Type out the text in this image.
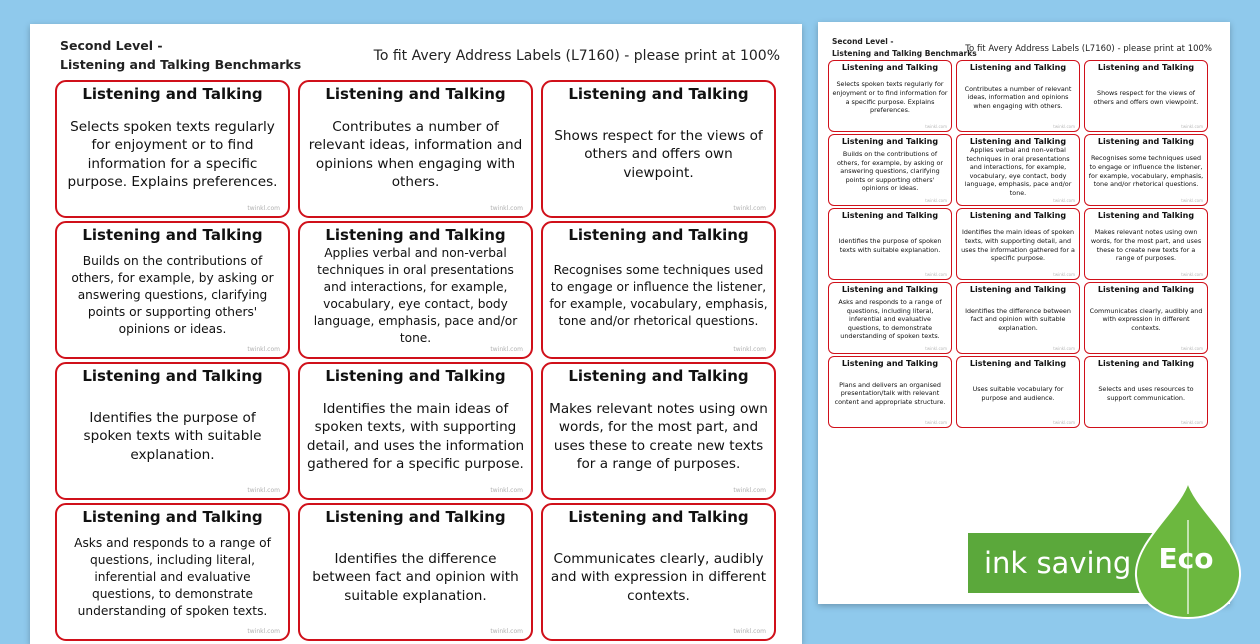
Second Level -
Listening and Talking Benchmarks
To fit Avery Address Labels (L7160) - please print at 100%
Listening and Talking
Selects spoken texts regularly for enjoyment or to find information for a specific purpose. Explains preferences.
twinkl.com
Listening and Talking
Contributes a number of relevant ideas, information and opinions when engaging with others.
twinkl.com
Listening and Talking
Shows respect for the views of others and offers own viewpoint.
twinkl.com
Listening and Talking
Builds on the contributions of others, for example, by asking or answering questions, clarifying points or supporting others' opinions or ideas.
twinkl.com
Listening and Talking
Applies verbal and non-verbal techniques in oral presentations and interactions, for example, vocabulary, eye contact, body language, emphasis, pace and/or tone.
twinkl.com
Listening and Talking
Recognises some techniques used to engage or influence the listener, for example, vocabulary, emphasis, tone and/or rhetorical questions.
twinkl.com
Listening and Talking
Identifies the purpose of spoken texts with suitable explanation.
twinkl.com
Listening and Talking
Identifies the main ideas of spoken texts, with supporting detail, and uses the information gathered for a specific purpose.
twinkl.com
Listening and Talking
Makes relevant notes using own words, for the most part, and uses these to create new texts for a range of purposes.
twinkl.com
Listening and Talking
Asks and responds to a range of questions, including literal, inferential and evaluative questions, to demonstrate understanding of spoken texts.
twinkl.com
Listening and Talking
Identifies the difference between fact and opinion with suitable explanation.
twinkl.com
Listening and Talking
Communicates clearly, audibly and with expression in different contexts.
twinkl.com
Second Level -
Listening and Talking Benchmarks
To fit Avery Address Labels (L7160) - please print at 100%
Listening and Talking
Selects spoken texts regularly for enjoyment or to find information for a specific purpose. Explains preferences.
twinkl.com
Listening and Talking
Contributes a number of relevant ideas, information and opinions when engaging with others.
twinkl.com
Listening and Talking
Shows respect for the views of others and offers own viewpoint.
twinkl.com
Listening and Talking
Builds on the contributions of others, for example, by asking or answering questions, clarifying points or supporting others' opinions or ideas.
twinkl.com
Listening and Talking
Applies verbal and non-verbal techniques in oral presentations and interactions, for example, vocabulary, eye contact, body language, emphasis, pace and/or tone.
twinkl.com
Listening and Talking
Recognises some techniques used to engage or influence the listener, for example, vocabulary, emphasis, tone and/or rhetorical questions.
twinkl.com
Listening and Talking
Identifies the purpose of spoken texts with suitable explanation.
twinkl.com
Listening and Talking
Identifies the main ideas of spoken texts, with supporting detail, and uses the information gathered for a specific purpose.
twinkl.com
Listening and Talking
Makes relevant notes using own words, for the most part, and uses these to create new texts for a range of purposes.
twinkl.com
Listening and Talking
Asks and responds to a range of questions, including literal, inferential and evaluative questions, to demonstrate understanding of spoken texts.
twinkl.com
Listening and Talking
Identifies the difference between fact and opinion with suitable explanation.
twinkl.com
Listening and Talking
Communicates clearly, audibly and with expression in different contexts.
twinkl.com
Listening and Talking
Plans and delivers an organised presentation/talk with relevant content and appropriate structure.
twinkl.com
Listening and Talking
Uses suitable vocabulary for purpose and audience.
twinkl.com
Listening and Talking
Selects and uses resources to support communication.
twinkl.com
ink saving Eco
